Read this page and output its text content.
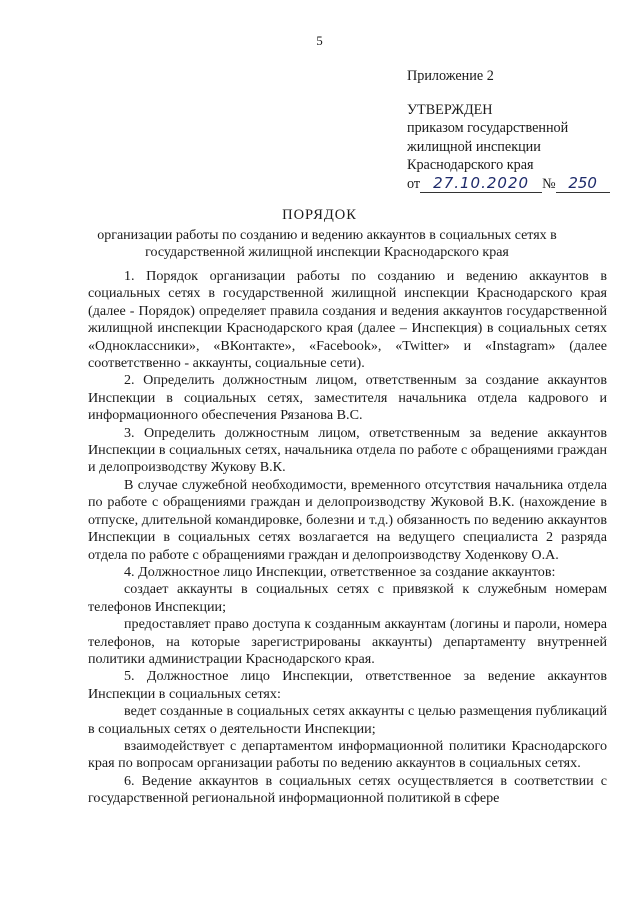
5
Приложение 2
УТВЕРЖДЕН
приказом государственной
жилищной инспекции
Краснодарского края
от 27.10.2020 № 250
ПОРЯДОК
организации работы по созданию и ведению аккаунтов в социальных сетях в государственной жилищной инспекции Краснодарского края

1. Порядок организации работы по созданию и ведению аккаунтов в социальных сетях в государственной жилищной инспекции Краснодарского края (далее - Порядок) определяет правила создания и ведения аккаунтов государственной жилищной инспекции Краснодарского края (далее – Инспекция) в социальных сетях «Одноклассники», «ВКонтакте», «Facebook», «Twitter» и «Instagram» (далее соответственно - аккаунты, социальные сети).

2. Определить должностным лицом, ответственным за создание аккаунтов Инспекции в социальных сетях, заместителя начальника отдела кадрового и информационного обеспечения Рязанова В.С.

3. Определить должностным лицом, ответственным за ведение аккаунтов Инспекции в социальных сетях, начальника отдела по работе с обращениями граждан и делопроизводству Жукову В.К.

В случае служебной необходимости, временного отсутствия начальника отдела по работе с обращениями граждан и делопроизводству Жуковой В.К. (нахождение в отпуске, длительной командировке, болезни и т.д.) обязанность по ведению аккаунтов Инспекции в социальных сетях возлагается на ведущего специалиста 2 разряда отдела по работе с обращениями граждан и делопроизводству Ходенкову О.А.

4. Должностное лицо Инспекции, ответственное за создание аккаунтов:

создает аккаунты в социальных сетях с привязкой к служебным номерам телефонов Инспекции;

предоставляет право доступа к созданным аккаунтам (логины и пароли, номера телефонов, на которые зарегистрированы аккаунты) департаменту внутренней политики администрации Краснодарского края.

5. Должностное лицо Инспекции, ответственное за ведение аккаунтов Инспекции в социальных сетях:

ведет созданные в социальных сетях аккаунты с целью размещения публикаций в социальных сетях о деятельности Инспекции;

взаимодействует с департаментом информационной политики Краснодарского края по вопросам организации работы по ведению аккаунтов в социальных сетях.

6. Ведение аккаунтов в социальных сетях осуществляется в соответствии с государственной региональной информационной политикой в сфере
